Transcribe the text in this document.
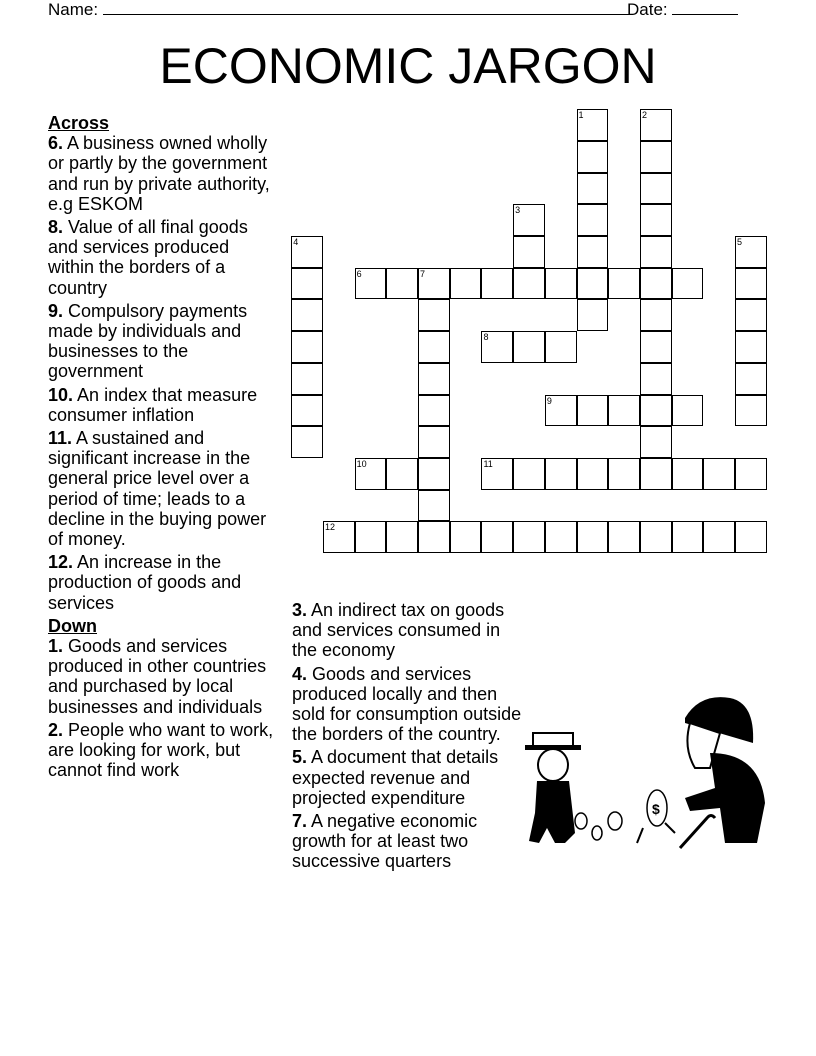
Name:	Date:
ECONOMIC JARGON

Across

6. A business owned wholly or partly by the government and run by private authority, e.g ESKOM

8. Value of all final goods and services produced within the borders of a country

9. Compulsory payments made by individuals and businesses to the government

10. An index that measure consumer inflation

11. A sustained and significant increase in the general price level over a period of time; leads to a decline in the buying power of money.

12. An increase in the production of goods and services

Down

1. Goods and services produced in other countries and purchased by local businesses and individuals

2. People who want to work, are looking for work, but cannot find work

3. An indirect tax on goods and services consumed in the economy

4. Goods and services produced locally and then sold for consumption outside the borders of the country.

5. A document that details expected revenue and projected expenditure

7. A negative economic growth for at least two successive quarters

1	2
3
4	5
6	7
8
9
10	11
12
$
